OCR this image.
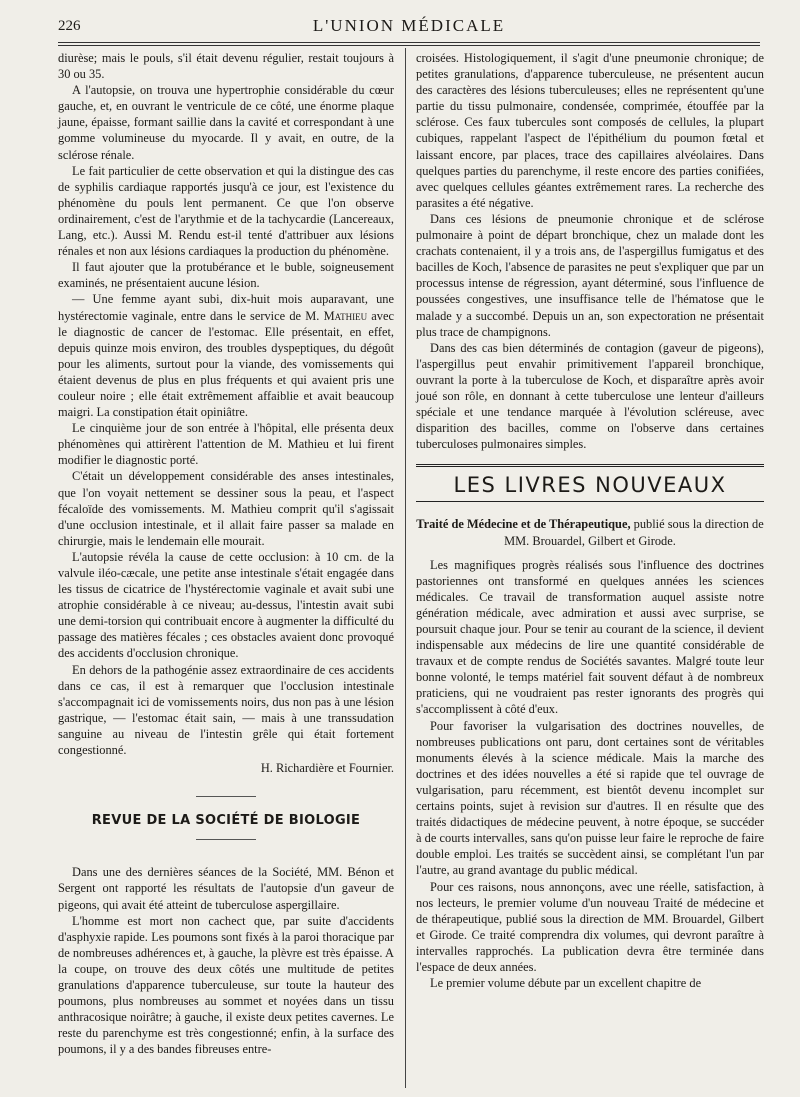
226	L'UNION MÉDICALE

diurèse; mais le pouls, s'il était devenu régulier, restait toujours à 30 ou 35.

A l'autopsie, on trouva une hypertrophie considérable du cœur gauche, et, en ouvrant le ventricule de ce côté, une énorme plaque jaune, épaisse, formant saillie dans la cavité et correspondant à une gomme volumineuse du myocarde. Il y avait, en outre, de la sclérose rénale.

Le fait particulier de cette observation et qui la distingue des cas de syphilis cardiaque rapportés jusqu'à ce jour, est l'existence du phénomène du pouls lent permanent. Ce que l'on observe ordinairement, c'est de l'arythmie et de la tachycardie (Lancereaux, Lang, etc.). Aussi M. Rendu est-il tenté d'attribuer aux lésions rénales et non aux lésions cardiaques la production du phénomène.

Il faut ajouter que la protubérance et le buble, soigneusement examinés, ne présentaient aucune lésion.

— Une femme ayant subi, dix-huit mois auparavant, une hystérectomie vaginale, entre dans le service de M. Mathieu avec le diagnostic de cancer de l'estomac. Elle présentait, en effet, depuis quinze mois environ, des troubles dyspeptiques, du dégoût pour les aliments, surtout pour la viande, des vomissements qui étaient devenus de plus en plus fréquents et qui avaient pris une couleur noire ; elle était extrêmement affaiblie et avait beaucoup maigri. La constipation était opiniâtre.

Le cinquième jour de son entrée à l'hôpital, elle présenta deux phénomènes qui attirèrent l'attention de M. Mathieu et lui firent modifier le diagnostic porté.

C'était un développement considérable des anses intestinales, que l'on voyait nettement se dessiner sous la peau, et l'aspect fécaloïde des vomissements. M. Mathieu comprit qu'il s'agissait d'une occlusion intestinale, et il allait faire passer sa malade en chirurgie, mais le lendemain elle mourait.

L'autopsie révéla la cause de cette occlusion: à 10 cm. de la valvule iléo-cæcale, une petite anse intestinale s'était engagée dans les tissus de cicatrice de l'hystérectomie vaginale et avait subi une atrophie considérable à ce niveau; au-dessus, l'intestin avait subi une demi-torsion qui contribuait encore à augmenter la difficulté du passage des matières fécales ; ces obstacles avaient donc provoqué des accidents d'occlusion chronique.

En dehors de la pathogénie assez extraordinaire de ces accidents dans ce cas, il est à remarquer que l'occlusion intestinale s'accompagnait ici de vomissements noirs, dus non pas à une lésion gastrique, — l'estomac était sain, — mais à une transsudation sanguine au niveau de l'intestin grêle qui était fortement congestionné.

H. Richardière et Fournier.

REVUE DE LA SOCIÉTÉ DE BIOLOGIE

Dans une des dernières séances de la Société, MM. Bénon et Sergent ont rapporté les résultats de l'autopsie d'un gaveur de pigeons, qui avait été atteint de tuberculose aspergillaire.

L'homme est mort non cachect que, par suite d'accidents d'asphyxie rapide. Les poumons sont fixés à la paroi thoracique par de nombreuses adhérences et, à gauche, la plèvre est très épaisse. A la coupe, on trouve des deux côtés une multitude de petites granulations d'apparence tuberculeuse, sur toute la hauteur des poumons, plus nombreuses au sommet et noyées dans un tissu anthracosique noirâtre; à gauche, il existe deux petites cavernes. Le reste du parenchyme est très congestionné; enfin, à la surface des poumons, il y a des bandes fibreuses entre-

croisées. Histologiquement, il s'agit d'une pneumonie chronique; de petites granulations, d'apparence tuberculeuse, ne présentent aucun des caractères des lésions tuberculeuses; elles ne représentent qu'une partie du tissu pulmonaire, condensée, comprimée, étouffée par la sclérose. Ces faux tubercules sont composés de cellules, la plupart cubiques, rappelant l'aspect de l'épithélium du poumon fœtal et laissant encore, par places, trace des capillaires alvéolaires. Dans quelques parties du parenchyme, il reste encore des parties conifiées, avec quelques cellules géantes extrêmement rares. La recherche des parasites a été négative.

Dans ces lésions de pneumonie chronique et de sclérose pulmonaire à point de départ bronchique, chez un malade dont les crachats contenaient, il y a trois ans, de l'aspergillus fumigatus et des bacilles de Koch, l'absence de parasites ne peut s'expliquer que par un processus intense de régression, ayant déterminé, sous l'influence de poussées congestives, une insuffisance telle de l'hématose que le malade y a succombé. Depuis un an, son expectoration ne présentait plus trace de champignons.

Dans des cas bien déterminés de contagion (gaveur de pigeons), l'aspergillus peut envahir primitivement l'appareil bronchique, ouvrant la porte à la tuberculose de Koch, et disparaître après avoir joué son rôle, en donnant à cette tuberculose une lenteur d'ailleurs spéciale et une tendance marquée à l'évolution scléreuse, avec disparition des bacilles, comme on l'observe dans certaines tuberculoses pulmonaires simples.

LES LIVRES NOUVEAUX

Traité de Médecine et de Thérapeutique, publié sous la direction de MM. Brouardel, Gilbert et Girode.

Les magnifiques progrès réalisés sous l'influence des doctrines pastoriennes ont transformé en quelques années les sciences médicales. Ce travail de transformation auquel assiste notre génération médicale, avec admiration et aussi avec surprise, se poursuit chaque jour. Pour se tenir au courant de la science, il devient indispensable aux médecins de lire une quantité considérable de travaux et de compte rendus de Sociétés savantes. Malgré toute leur bonne volonté, le temps matériel fait souvent défaut à de nombreux praticiens, qui ne voudraient pas rester ignorants des progrès qui s'accomplissent à côté d'eux.

Pour favoriser la vulgarisation des doctrines nouvelles, de nombreuses publications ont paru, dont certaines sont de véritables monuments élevés à la science médicale. Mais la marche des doctrines et des idées nouvelles a été si rapide que tel ouvrage de vulgarisation, paru récemment, est bientôt devenu incomplet sur certains points, sujet à revision sur d'autres. Il en résulte que des traités didactiques de médecine peuvent, à notre époque, se succéder à de courts intervalles, sans qu'on puisse leur faire le reproche de faire double emploi. Les traités se succèdent ainsi, se complétant l'un par l'autre, au grand avantage du public médical.

Pour ces raisons, nous annonçons, avec une réelle, satisfaction, à nos lecteurs, le premier volume d'un nouveau Traité de médecine et de thérapeutique, publié sous la direction de MM. Brouardel, Gilbert et Girode. Ce traité comprendra dix volumes, qui devront paraître à intervalles rapprochés. La publication devra être terminée dans l'espace de deux années.

Le premier volume débute par un excellent chapitre de
